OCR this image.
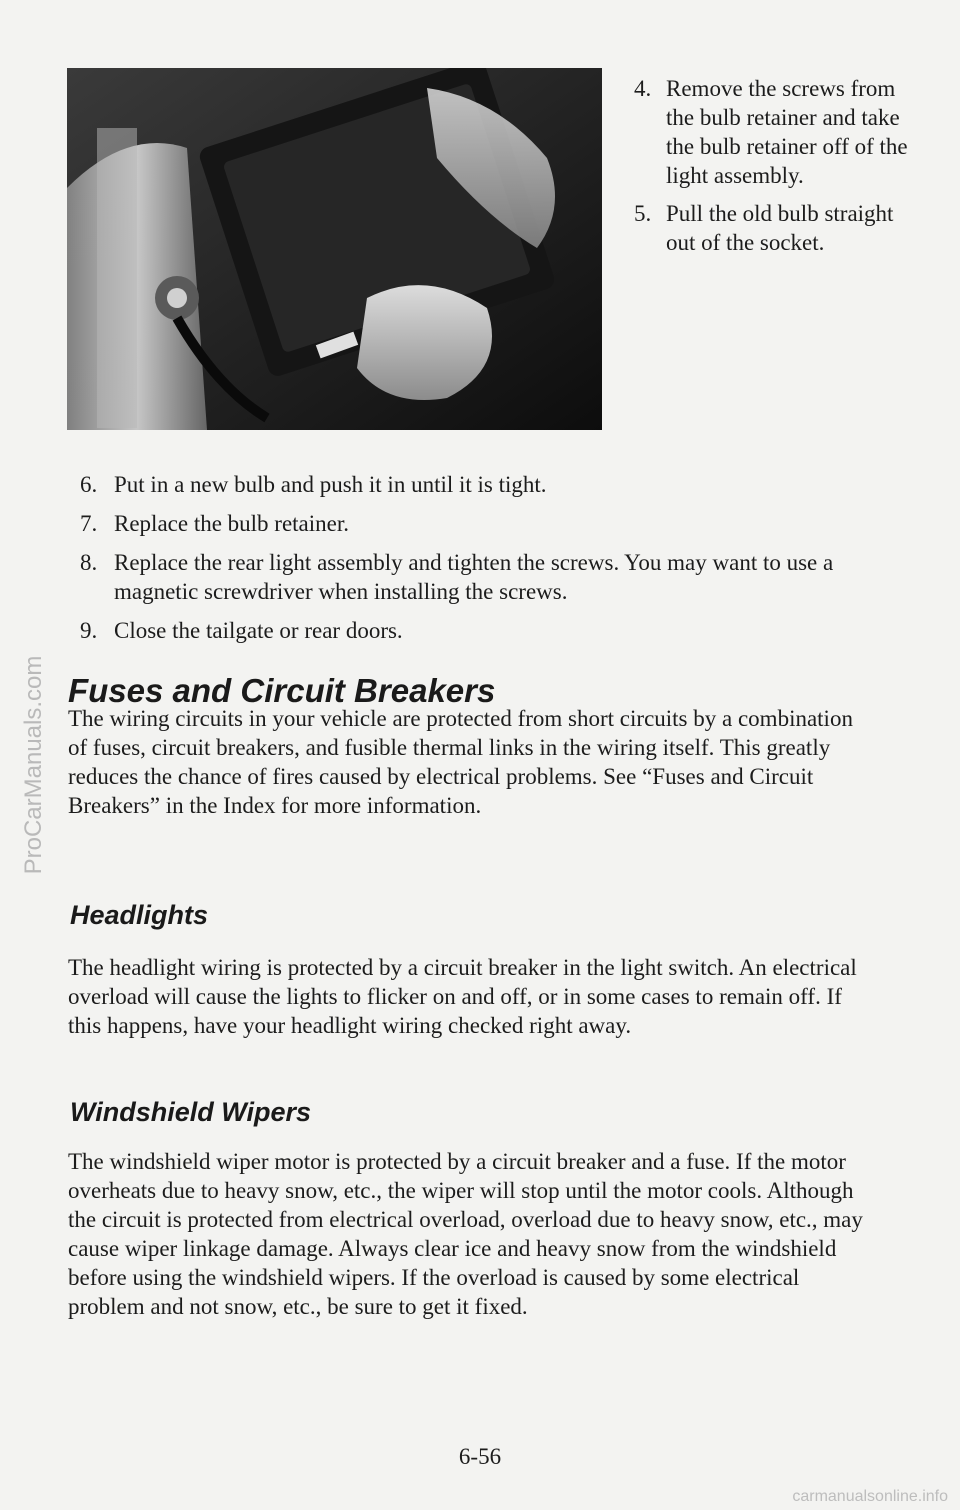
4. Remove the screws from the bulb retainer and take the bulb retainer off of the light assembly.
5. Pull the old bulb straight out of the socket.
6. Put in a new bulb and push it in until it is tight.
7. Replace the bulb retainer.
8. Replace the rear light assembly and tighten the screws. You may want to use a magnetic screwdriver when installing the screws.
9. Close the tailgate or rear doors.
Fuses and Circuit Breakers

The wiring circuits in your vehicle are protected from short circuits by a combination of fuses, circuit breakers, and fusible thermal links in the wiring itself. This greatly reduces the chance of fires caused by electrical problems. See “Fuses and Circuit Breakers” in the Index for more information.

Headlights

The headlight wiring is protected by a circuit breaker in the light switch. An electrical overload will cause the lights to flicker on and off, or in some cases to remain off. If this happens, have your headlight wiring checked right away.

Windshield Wipers

The windshield wiper motor is protected by a circuit breaker and a fuse. If the motor overheats due to heavy snow, etc., the wiper will stop until the motor cools. Although the circuit is protected from electrical overload, overload due to heavy snow, etc., may cause wiper linkage damage. Always clear ice and heavy snow from the windshield before using the windshield wipers. If the overload is caused by some electrical problem and not snow, etc., be sure to get it fixed.

6-56
ProCarManuals.com
carmanualsonline.info
